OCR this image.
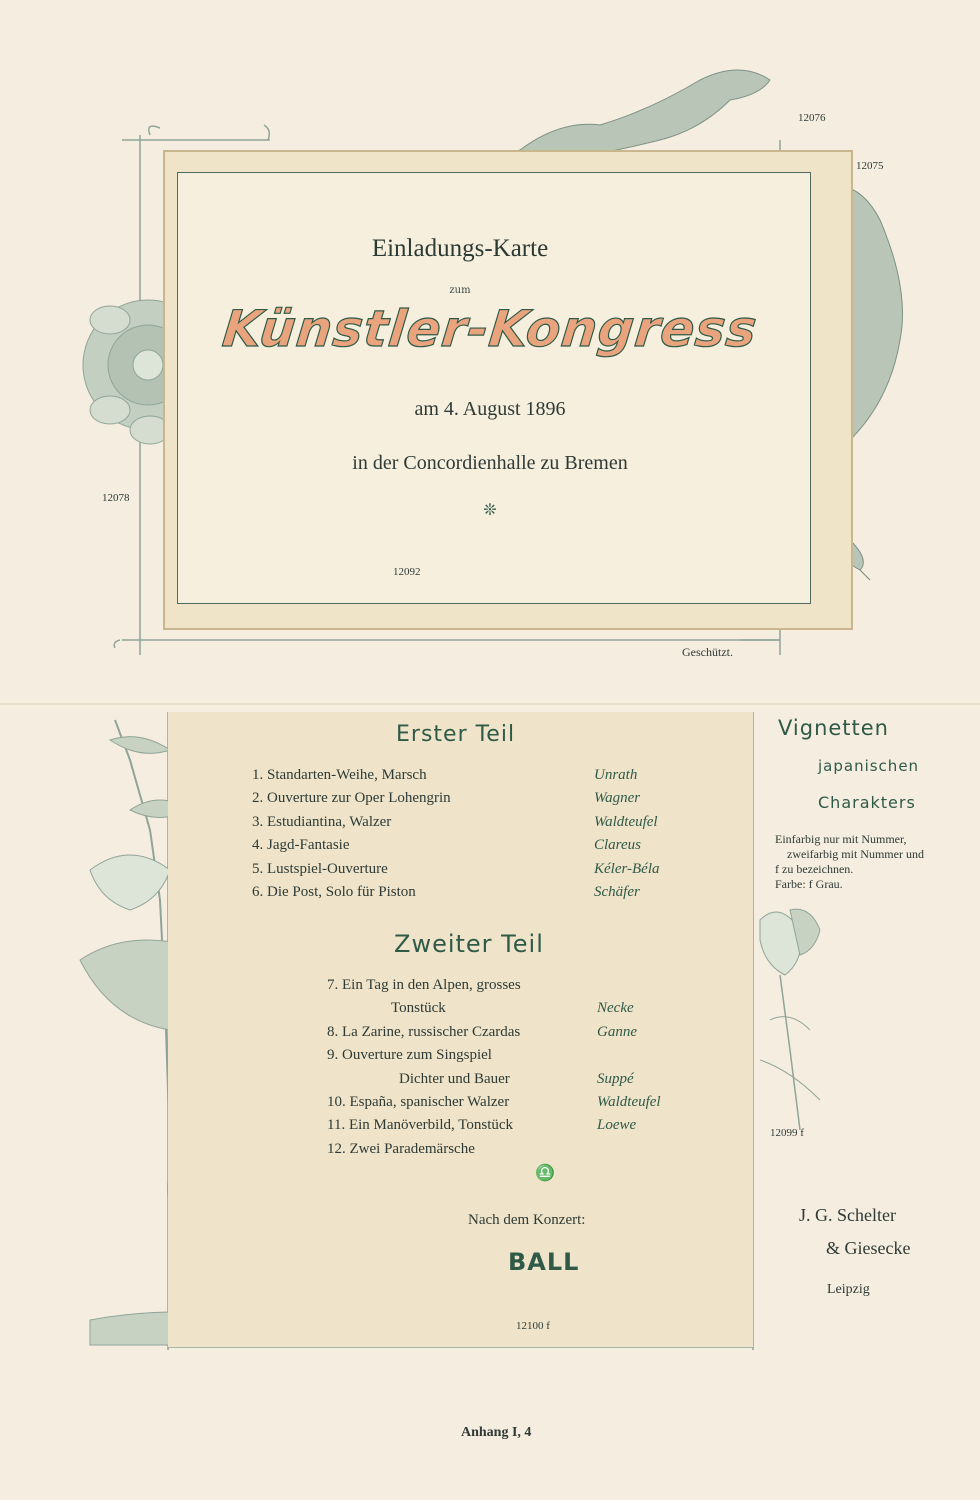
12076
12075
12078
12092
Einladungs-Karte
zum
Künstler-Kongress
am 4. August 1896
in der Concordienhalle zu Bremen
❊
Geschützt.
Erster Teil
1. Standarten-Weihe, Marsch	Unrath
2. Ouverture zur Oper Lohengrin	Wagner
3. Estudiantina, Walzer	Waldteufel
4. Jagd-Fantasie	Clareus
5. Lustspiel-Ouverture	Kéler-Béla
6. Die Post, Solo für Piston	Schäfer
Zweiter Teil
7. Ein Tag in den Alpen, grosses
Tonstück	Necke
8. La Zarine, russischer Czardas	Ganne
9. Ouverture zum Singspiel
Dichter und Bauer	Suppé
10. España, spanischer Walzer	Waldteufel
11. Ein Manöverbild, Tonstück	Loewe
12. Zwei Parademärsche
♎
Nach dem Konzert:
BALL
12100 f
Vignetten
japanischen
Charakters
Einfarbig nur mit Nummer,
zweifarbig mit Nummer und
f zu bezeichnen.
Farbe: f Grau.
12099 f
J. G. Schelter
& Giesecke
Leipzig
Anhang I, 4
